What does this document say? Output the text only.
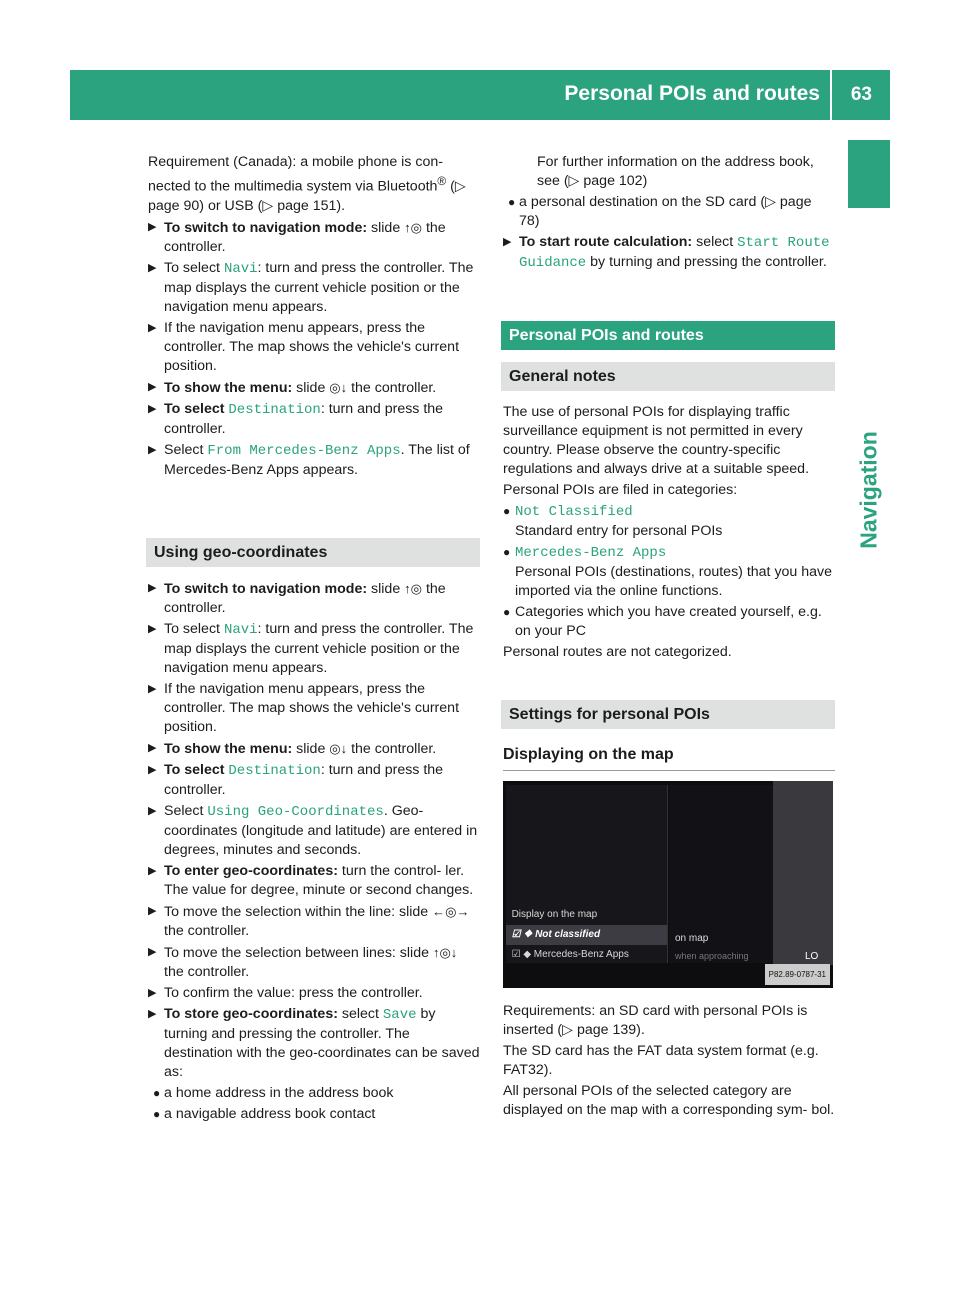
Personal POIs and routes 63
Navigation

Requirement (Canada): a mobile phone is con- nected to the multimedia system via Bluetooth® (▷ page 90) or USB (▷ page 151).

▶ To switch to navigation mode: slide ↑◎ the controller.
▶ To select Navi: turn and press the controller. The map displays the current vehicle position or the navigation menu appears.
▶ If the navigation menu appears, press the controller. The map shows the vehicle's current position.
▶ To show the menu: slide ◎↓ the controller.
▶ To select Destination: turn and press the controller.
▶ Select From Mercedes-Benz Apps. The list of Mercedes-Benz Apps appears.
Using geo-coordinates
▶ To switch to navigation mode: slide ↑◎ the controller.
▶ To select Navi: turn and press the controller. The map displays the current vehicle position or the navigation menu appears.
▶ If the navigation menu appears, press the controller. The map shows the vehicle's current position.
▶ To show the menu: slide ◎↓ the controller.
▶ To select Destination: turn and press the controller.
▶ Select Using Geo-Coordinates. Geo-coordinates (longitude and latitude) are entered in degrees, minutes and seconds.
▶ To enter geo-coordinates: turn the control- ler. The value for degree, minute or second changes.
▶ To move the selection within the line: slide ←◎→ the controller.
▶ To move the selection between lines: slide ↑◎↓ the controller.
▶ To confirm the value: press the controller.
▶ To store geo-coordinates: select Save by turning and pressing the controller. The destination with the geo-coordinates can be saved as:
● a home address in the address book
● a navigable address book contact

For further information on the address book, see (▷ page 102)

● a personal destination on the SD card (▷ page 78)
▶ To start route calculation: select Start Route Guidance by turning and pressing the controller.
Personal POIs and routes
General notes

The use of personal POIs for displaying traffic surveillance equipment is not permitted in every country. Please observe the country-specific regulations and always drive at a suitable speed.

Personal POIs are filed in categories:

● Not Classified
Standard entry for personal POIs
● Mercedes-Benz Apps
Personal POIs (destinations, routes) that you have imported via the online functions.
● Categories which you have created yourself, e.g. on your PC

Personal routes are not categorized.

Settings for personal POIs
Displaying on the map
Display on the map
☑ ❖ Not classified
☑ ◆ Mercedes-Benz Apps
on map
when approaching	LO
P82.89-0787-31

Requirements: an SD card with personal POIs is inserted (▷ page 139).

The SD card has the FAT data system format (e.g. FAT32).

All personal POIs of the selected category are displayed on the map with a corresponding sym- bol.
